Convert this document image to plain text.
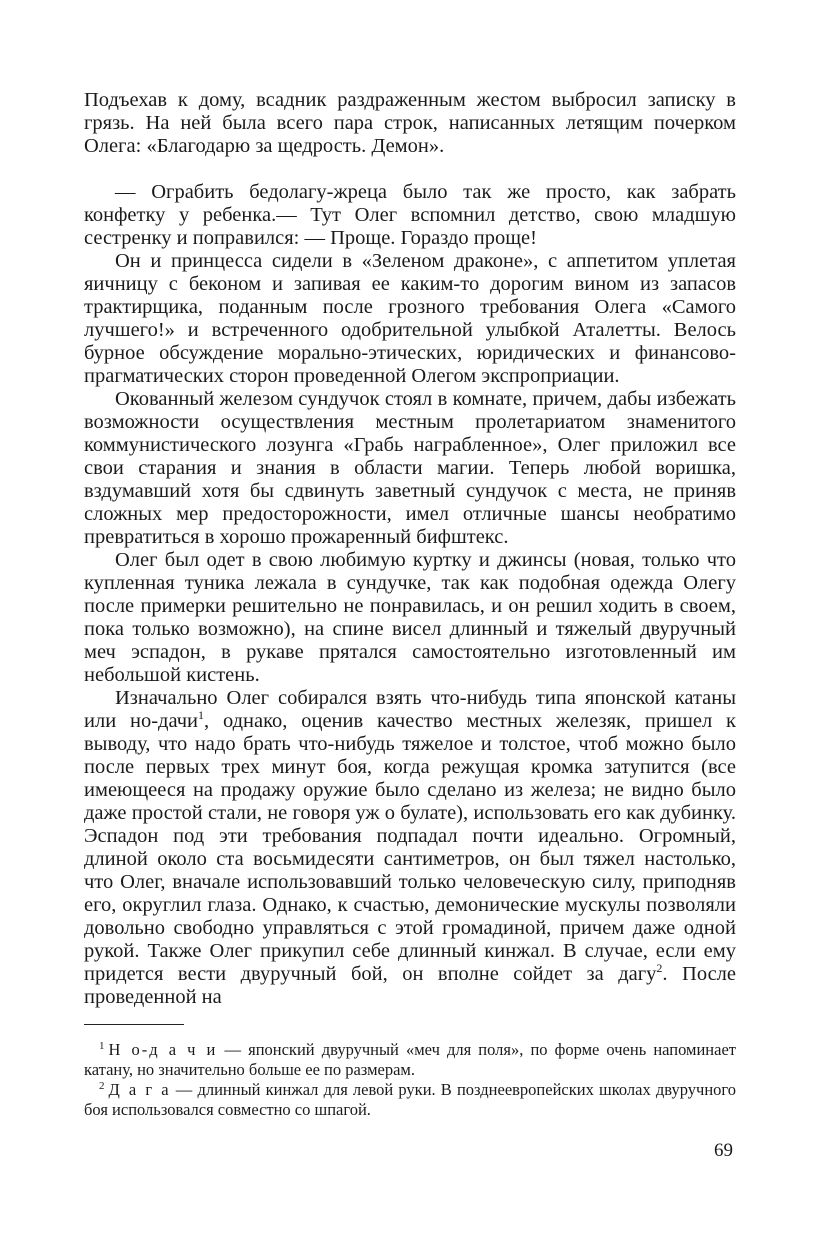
Подъехав к дому, всадник раздраженным жестом выбросил записку в грязь. На ней была всего пара строк, написанных летящим почерком Олега: «Благодарю за щедрость. Демон».

— Ограбить бедолагу-жреца было так же просто, как забрать конфетку у ребенка.— Тут Олег вспомнил детство, свою младшую сестренку и поправился: — Проще. Гораздо проще!

Он и принцесса сидели в «Зеленом драконе», с аппетитом уплетая яичницу с беконом и запивая ее каким-то дорогим вином из запасов трактирщика, поданным после грозного требования Олега «Самого лучшего!» и встреченного одобрительной улыбкой Аталетты. Велось бурное обсуждение морально-этических, юридических и финансово-прагматических сторон проведенной Олегом экспроприации.

Окованный железом сундучок стоял в комнате, причем, дабы избежать возможности осуществления местным пролетариатом знаменитого коммунистического лозунга «Грабь награбленное», Олег приложил все свои старания и знания в области магии. Теперь любой воришка, вздумавший хотя бы сдвинуть заветный сундучок с места, не приняв сложных мер предосторожности, имел отличные шансы необратимо превратиться в хорошо прожаренный бифштекс.

Олег был одет в свою любимую куртку и джинсы (новая, только что купленная туника лежала в сундучке, так как подобная одежда Олегу после примерки решительно не понравилась, и он решил ходить в своем, пока только возможно), на спине висел длинный и тяжелый двуручный меч эспадон, в рукаве прятался самостоятельно изготовленный им небольшой кистень.

Изначально Олег собирался взять что-нибудь типа японской катаны или но-дачи$^1$, однако, оценив качество местных железяк, пришел к выводу, что надо брать что-нибудь тяжелое и толстое, чтоб можно было после первых трех минут боя, когда режущая кромка затупится (все имеющееся на продажу оружие было сделано из железа; не видно было даже простой стали, не говоря уж о булате), использовать его как дубинку. Эспадон под эти требования подпадал почти идеально. Огромный, длиной около ста восьмидесяти сантиметров, он был тяжел настолько, что Олег, вначале использовавший только человеческую силу, приподняв его, округлил глаза. Однако, к счастью, демонические мускулы позволяли довольно свободно управляться с этой громадиной, причем даже одной рукой. Также Олег прикупил себе длинный кинжал. В случае, если ему придется вести двуручный бой, он вполне сойдет за дагу$^2$. После проведенной на

$^1$ Н о-д а ч и — японский двуручный «меч для поля», по форме очень напоминает катану, но значительно больше ее по размерам.

$^2$ Д а г а — длинный кинжал для левой руки. В позднеевропейских школах двуручного боя использовался совместно со шпагой.

69
